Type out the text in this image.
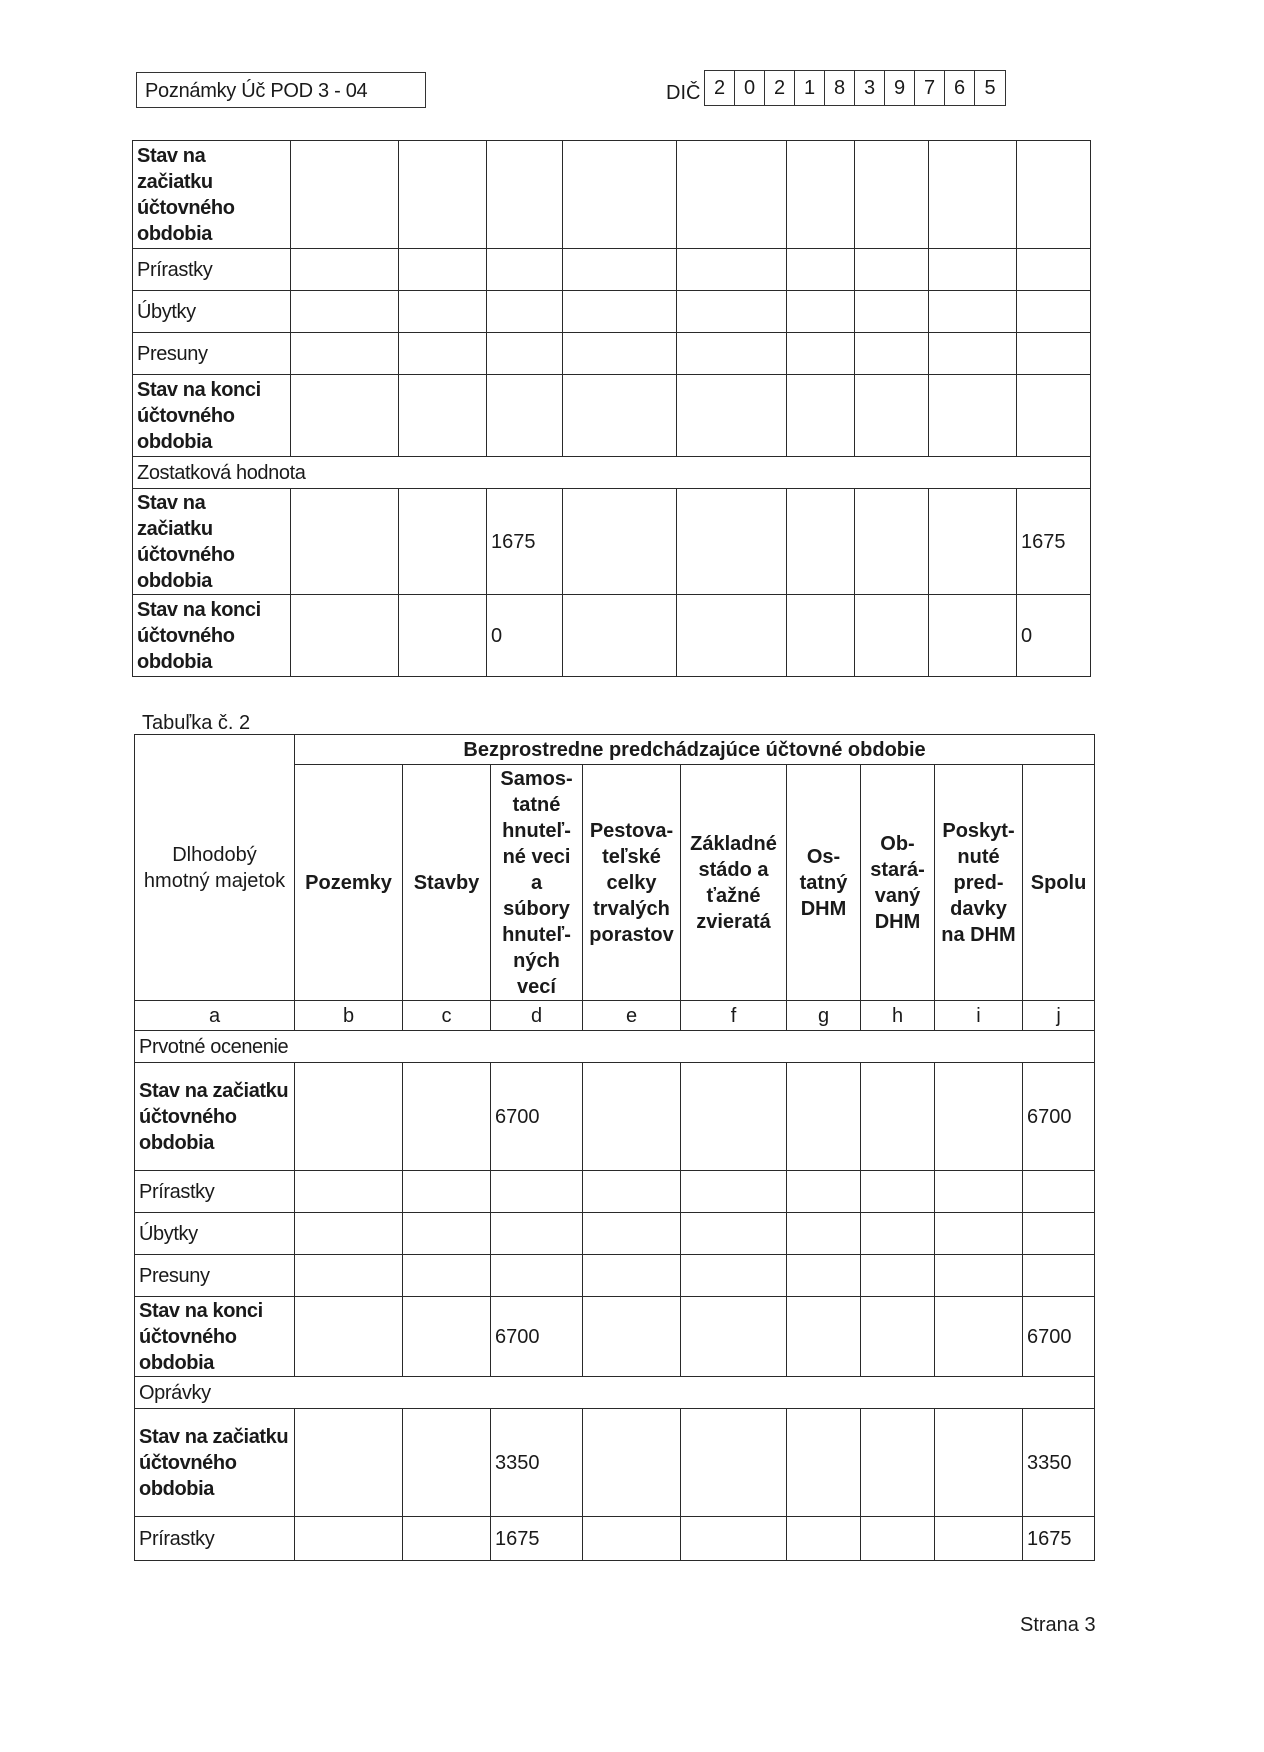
Poznámky Úč POD 3 - 04	DIČ 2 0 2 1 8 3 9 7 6 5
Stav na začiatku účtovného obdobia									
Prírastky									
Úbytky									
Presuny									
Stav na konci účtovného obdobia									
Zostatková hodnota									
Stav na začiatku účtovného obdobia			1675						1675
Stav na konci účtovného obdobia			0						0
Tabuľka č. 2
Dlhodobý hmotný majetok	Bezprostredne predchádzajúce účtovné obdobie								
	Pozemky	Stavby	Samos- tatné hnuteľ- né veci a súbory hnuteľ- ných vecí	Pestova- teľské celky trvalých porastov	Základné stádo a ťažné zvieratá	Os- tatný DHM	Ob- stará- vaný DHM	Poskyt- nuté pred- davky na DHM	Spolu
a	b	c	d	e	f	g	h	i	j
Prvotné ocenenie									
Stav na začiatku účtovného obdobia			6700						6700
Prírastky									
Úbytky									
Presuny									
Stav na konci účtovného obdobia			6700						6700
Oprávky									
Stav na začiatku účtovného obdobia			3350						3350
Prírastky			1675						1675
Strana 3
